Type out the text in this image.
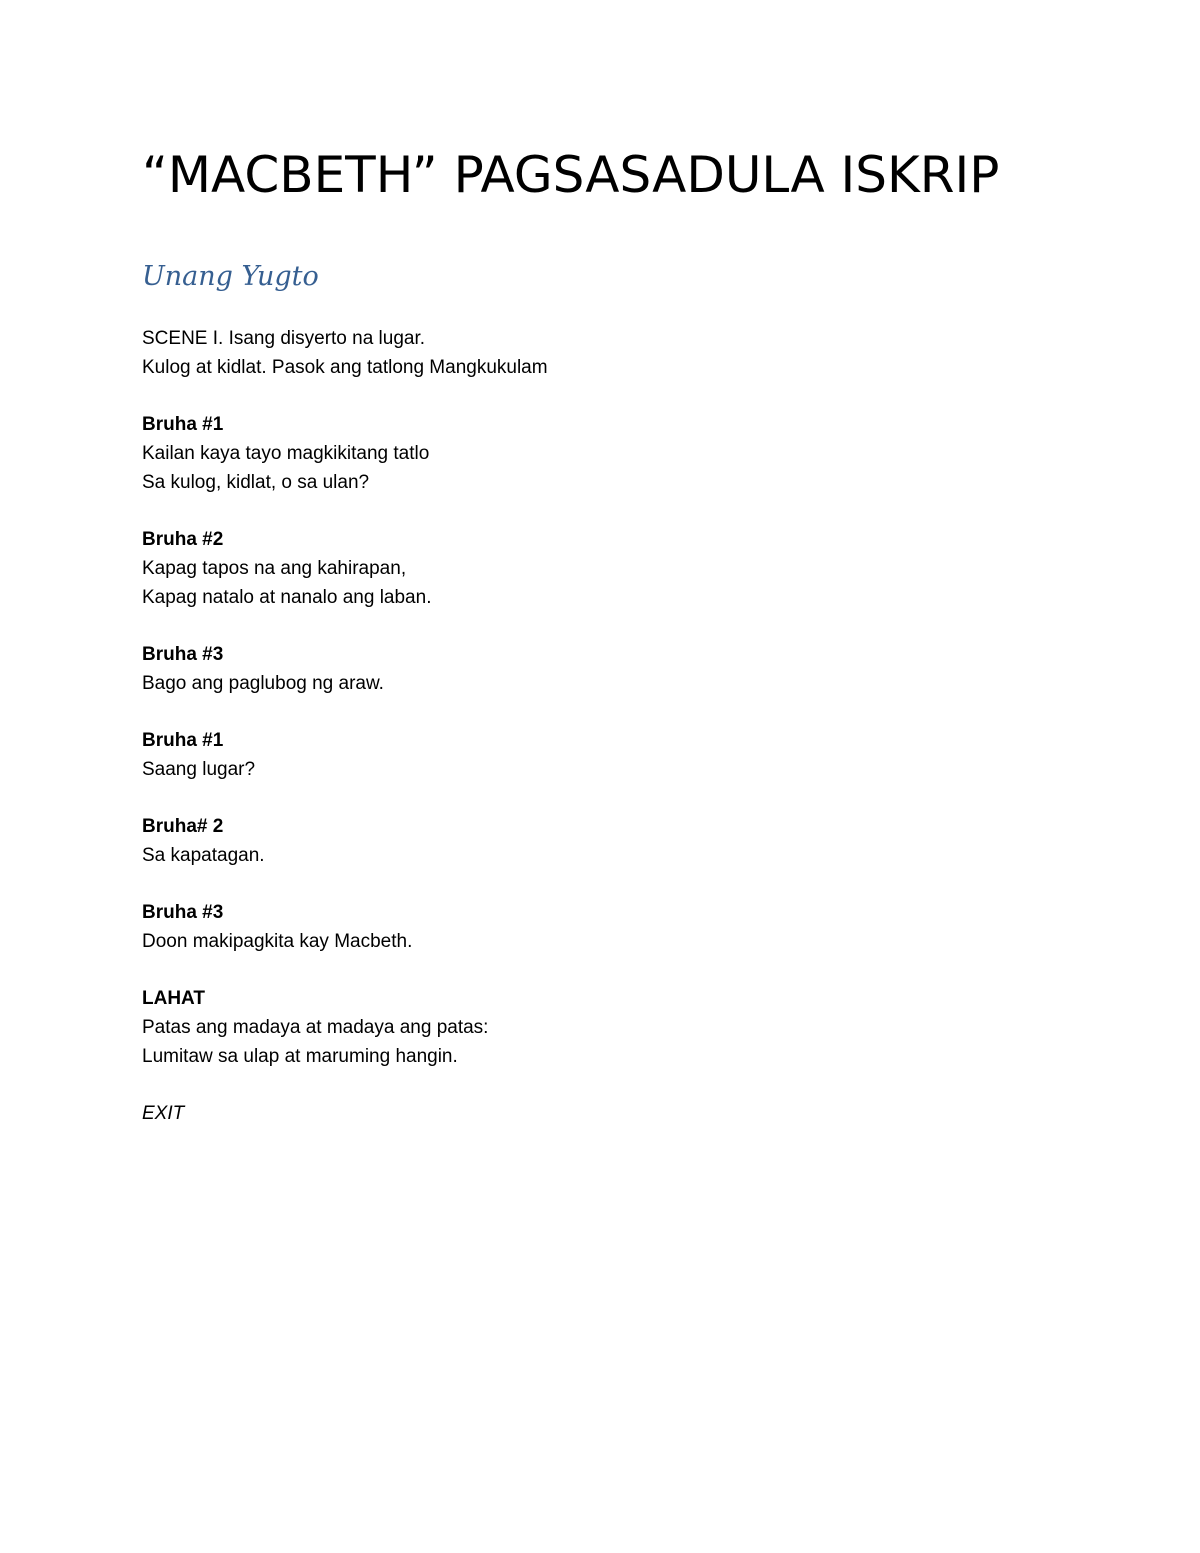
“MACBETH” PAGSASADULA ISKRIP
Unang Yugto
SCENE I. Isang disyerto na lugar.
Kulog at kidlat. Pasok ang tatlong Mangkukulam
Bruha #1
Kailan kaya tayo magkikitang tatlo
Sa kulog, kidlat, o sa ulan?
Bruha #2
Kapag tapos na ang kahirapan,
Kapag natalo at nanalo ang laban.
Bruha #3
Bago ang paglubog ng araw.
Bruha #1
Saang lugar?
Bruha# 2
Sa kapatagan.
Bruha #3
Doon makipagkita kay Macbeth.
LAHAT
Patas ang madaya at madaya ang patas:
Lumitaw sa ulap at maruming hangin.
EXIT
